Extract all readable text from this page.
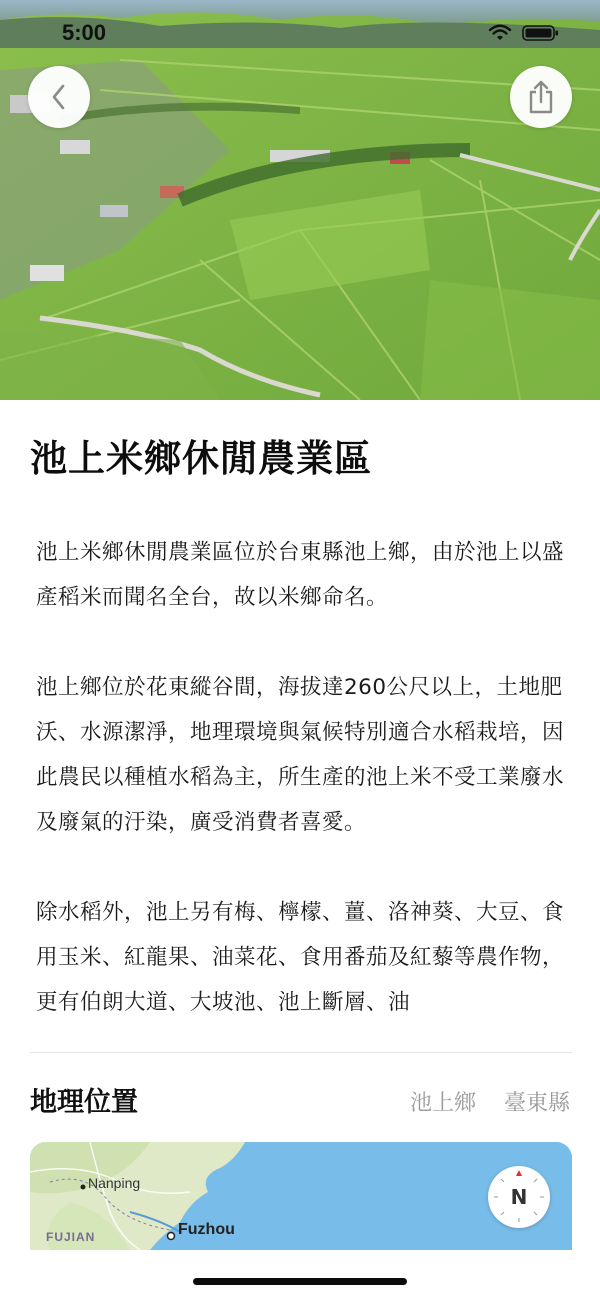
5:00
池上米鄉休閒農業區

池上米鄉休閒農業區位於台東縣池上鄉，由於池上以盛產稻米而聞名全台，故以米鄉命名。

池上鄉位於花東縱谷間，海拔達260公尺以上，土地肥沃、水源潔淨，地理環境與氣候特別適合水稻栽培，因此農民以種植水稻為主，所生產的池上米不受工業廢水及廢氣的汙染，廣受消費者喜愛。

除水稻外，池上另有梅、檸檬、薑、洛神葵、大豆、食用玉米、紅龍果、油菜花、食用番茄及紅藜等農作物，更有伯朗大道、大坡池、池上斷層、油

地理位置	池上鄉 臺東縣
Nanping
FUJIAN	Fuzhou
N
